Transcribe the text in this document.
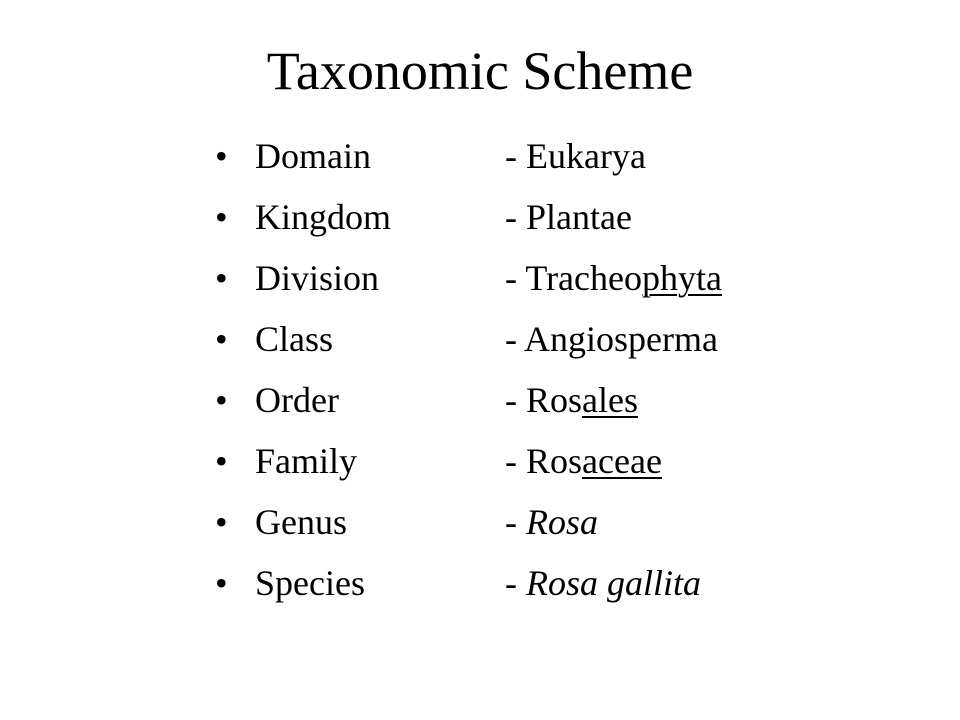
Taxonomic Scheme
• Domain	- Eukarya
• Kingdom	- Plantae
• Division	- Tracheophyta
• Class	- Angiosperma
• Order	- Rosales
• Family	- Rosaceae
• Genus	- Rosa
• Species	- Rosa gallita
